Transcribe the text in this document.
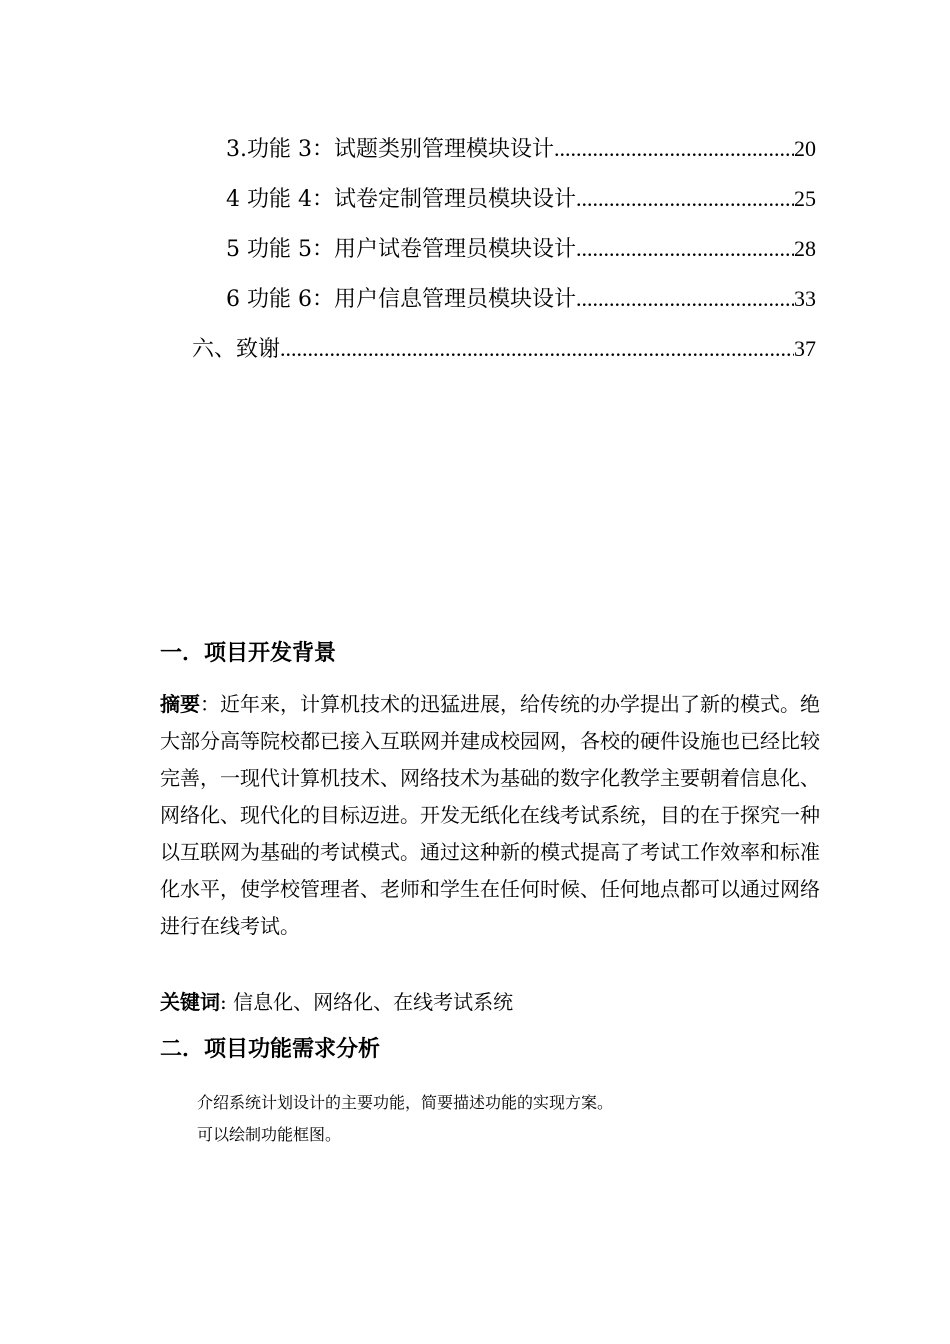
3.功能 3：试题类别管理模块设计 .....	20
4 功能 4：试卷定制管理员模块设计 .....	25
5 功能 5：用户试卷管理员模块设计 .....	28
6 功能 6：用户信息管理员模块设计 .....	33
六、致谢 .....	37
一．项目开发背景
摘要：近年来，计算机技术的迅猛进展，给传统的办学提出了新的模式。绝大部分高等院校都已接入互联网并建成校园网，各校的硬件设施也已经比较完善，一现代计算机技术、网络技术为基础的数字化教学主要朝着信息化、网络化、现代化的目标迈进。开发无纸化在线考试系统，目的在于探究一种以互联网为基础的考试模式。通过这种新的模式提高了考试工作效率和标准化水平，使学校管理者、老师和学生在任何时候、任何地点都可以通过网络进行在线考试。
关键词: 信息化、网络化、在线考试系统
二．项目功能需求分析
介绍系统计划设计的主要功能，简要描述功能的实现方案。
可以绘制功能框图。
